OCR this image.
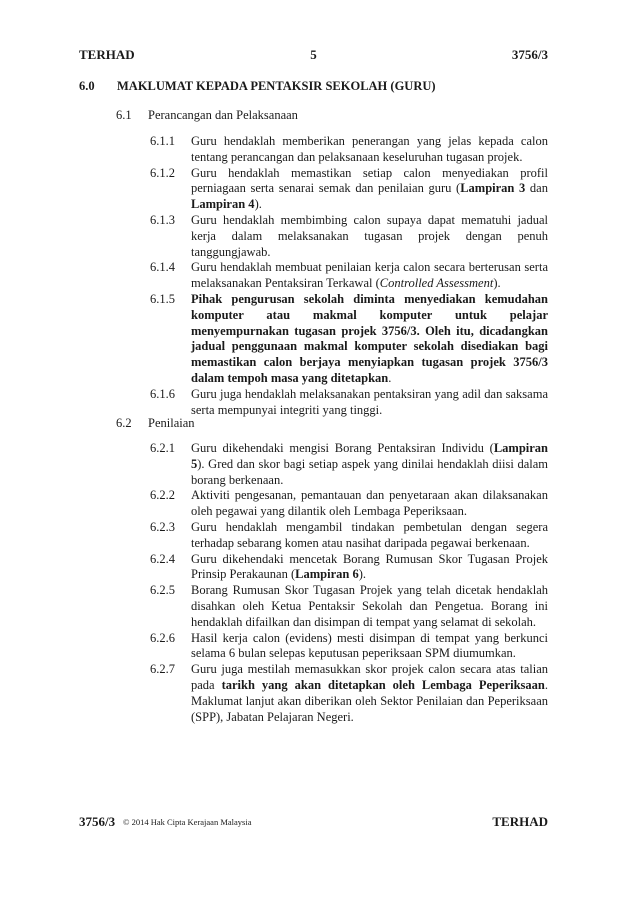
TERHAD	5	3756/3
6.0 MAKLUMAT KEPADA PENTAKSIR SEKOLAH (GURU)
6.1 Perancangan dan Pelaksanaan
6.1.1	Guru hendaklah memberikan penerangan yang jelas kepada calon tentang perancangan dan pelaksanaan keseluruhan tugasan projek.
6.1.2	Guru hendaklah memastikan setiap calon menyediakan profil perniagaan serta senarai semak dan penilaian guru (Lampiran 3 dan Lampiran 4).
6.1.3	Guru hendaklah membimbing calon supaya dapat mematuhi jadual kerja dalam melaksanakan tugasan projek dengan penuh tanggungjawab.
6.1.4	Guru hendaklah membuat penilaian kerja calon secara berterusan serta melaksanakan Pentaksiran Terkawal (Controlled Assessment).
6.1.5	Pihak pengurusan sekolah diminta menyediakan kemudahan komputer atau makmal komputer untuk pelajar menyempurnakan tugasan projek 3756/3. Oleh itu, dicadangkan jadual penggunaan makmal komputer sekolah disediakan bagi memastikan calon berjaya menyiapkan tugasan projek 3756/3 dalam tempoh masa yang ditetapkan.
6.1.6	Guru juga hendaklah melaksanakan pentaksiran yang adil dan saksama serta mempunyai integriti yang tinggi.
6.2 Penilaian
6.2.1	Guru dikehendaki mengisi Borang Pentaksiran Individu (Lampiran 5). Gred dan skor bagi setiap aspek yang dinilai hendaklah diisi dalam borang berkenaan.
6.2.2	Aktiviti pengesanan, pemantauan dan penyetaraan akan dilaksanakan oleh pegawai yang dilantik oleh Lembaga Peperiksaan.
6.2.3	Guru hendaklah mengambil tindakan pembetulan dengan segera terhadap sebarang komen atau nasihat daripada pegawai berkenaan.
6.2.4	Guru dikehendaki mencetak Borang Rumusan Skor Tugasan Projek Prinsip Perakaunan (Lampiran 6).
6.2.5	Borang Rumusan Skor Tugasan Projek yang telah dicetak hendaklah disahkan oleh Ketua Pentaksir Sekolah dan Pengetua. Borang ini hendaklah difailkan dan disimpan di tempat yang selamat di sekolah.
6.2.6	Hasil kerja calon (evidens) mesti disimpan di tempat yang berkunci selama 6 bulan selepas keputusan peperiksaan SPM diumumkan.
6.2.7	Guru juga mestilah memasukkan skor projek calon secara atas talian pada tarikh yang akan ditetapkan oleh Lembaga Peperiksaan. Maklumat lanjut akan diberikan oleh Sektor Penilaian dan Peperiksaan (SPP), Jabatan Pelajaran Negeri.
3756/3 © 2014 Hak Cipta Kerajaan Malaysia	TERHAD
